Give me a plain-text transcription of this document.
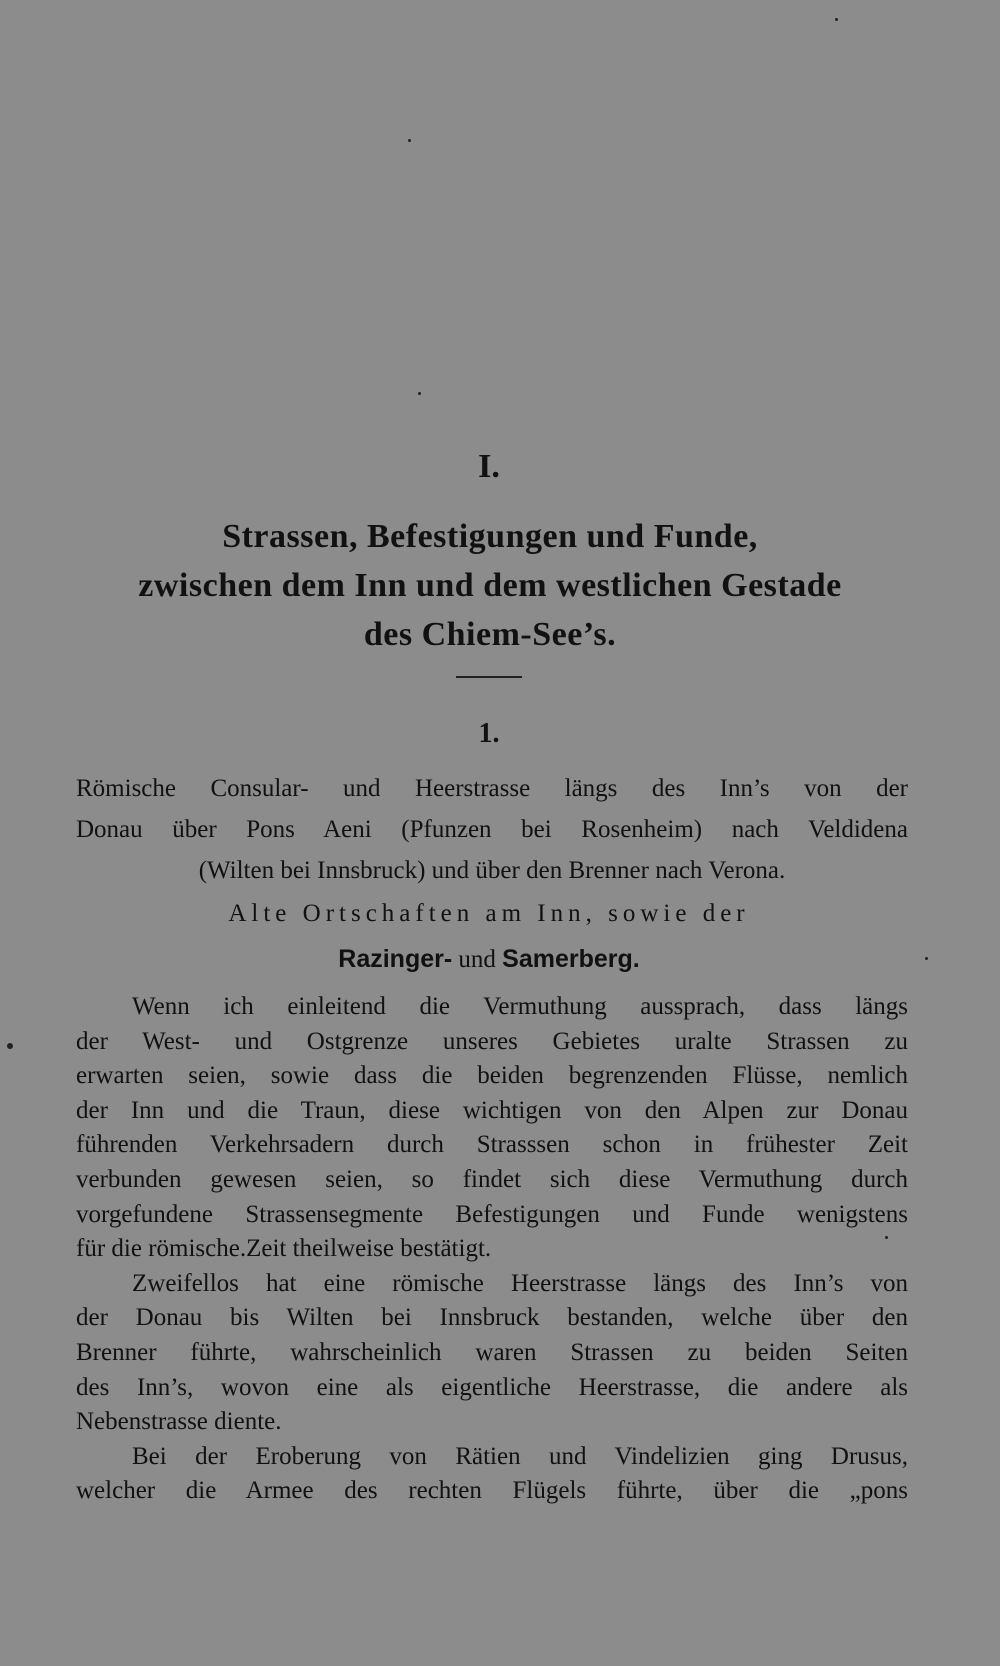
I.
Strassen, Befestigungen und Funde,
zwischen dem Inn und dem westlichen Gestade
des Chiem-See’s.
1.
Römische Consular- und Heerstrasse längs des Inn’s von der
Donau über Pons Aeni (Pfunzen bei Rosenheim) nach Veldidena
(Wilten bei Innsbruck) und über den Brenner nach Verona.
Alte Ortschaften am Inn, sowie der
Razinger- und Samerberg.
Wenn ich einleitend die Vermuthung aussprach, dass längs
der West- und Ostgrenze unseres Gebietes uralte Strassen zu
erwarten seien, sowie dass die beiden begrenzenden Flüsse, nemlich
der Inn und die Traun, diese wichtigen von den Alpen zur Donau
führenden Verkehrsadern durch Strasssen schon in frühester Zeit
verbunden gewesen seien, so findet sich diese Vermuthung durch
vorgefundene Strassensegmente Befestigungen und Funde wenigstens
für die römische.Zeit theilweise bestätigt.
Zweifellos hat eine römische Heerstrasse längs des Inn’s von
der Donau bis Wilten bei Innsbruck bestanden, welche über den
Brenner führte, wahrscheinlich waren Strassen zu beiden Seiten
des Inn’s, wovon eine als eigentliche Heerstrasse, die andere als
Nebenstrasse diente.
Bei der Eroberung von Rätien und Vindelizien ging Drusus,
welcher die Armee des rechten Flügels führte, über die „pons
